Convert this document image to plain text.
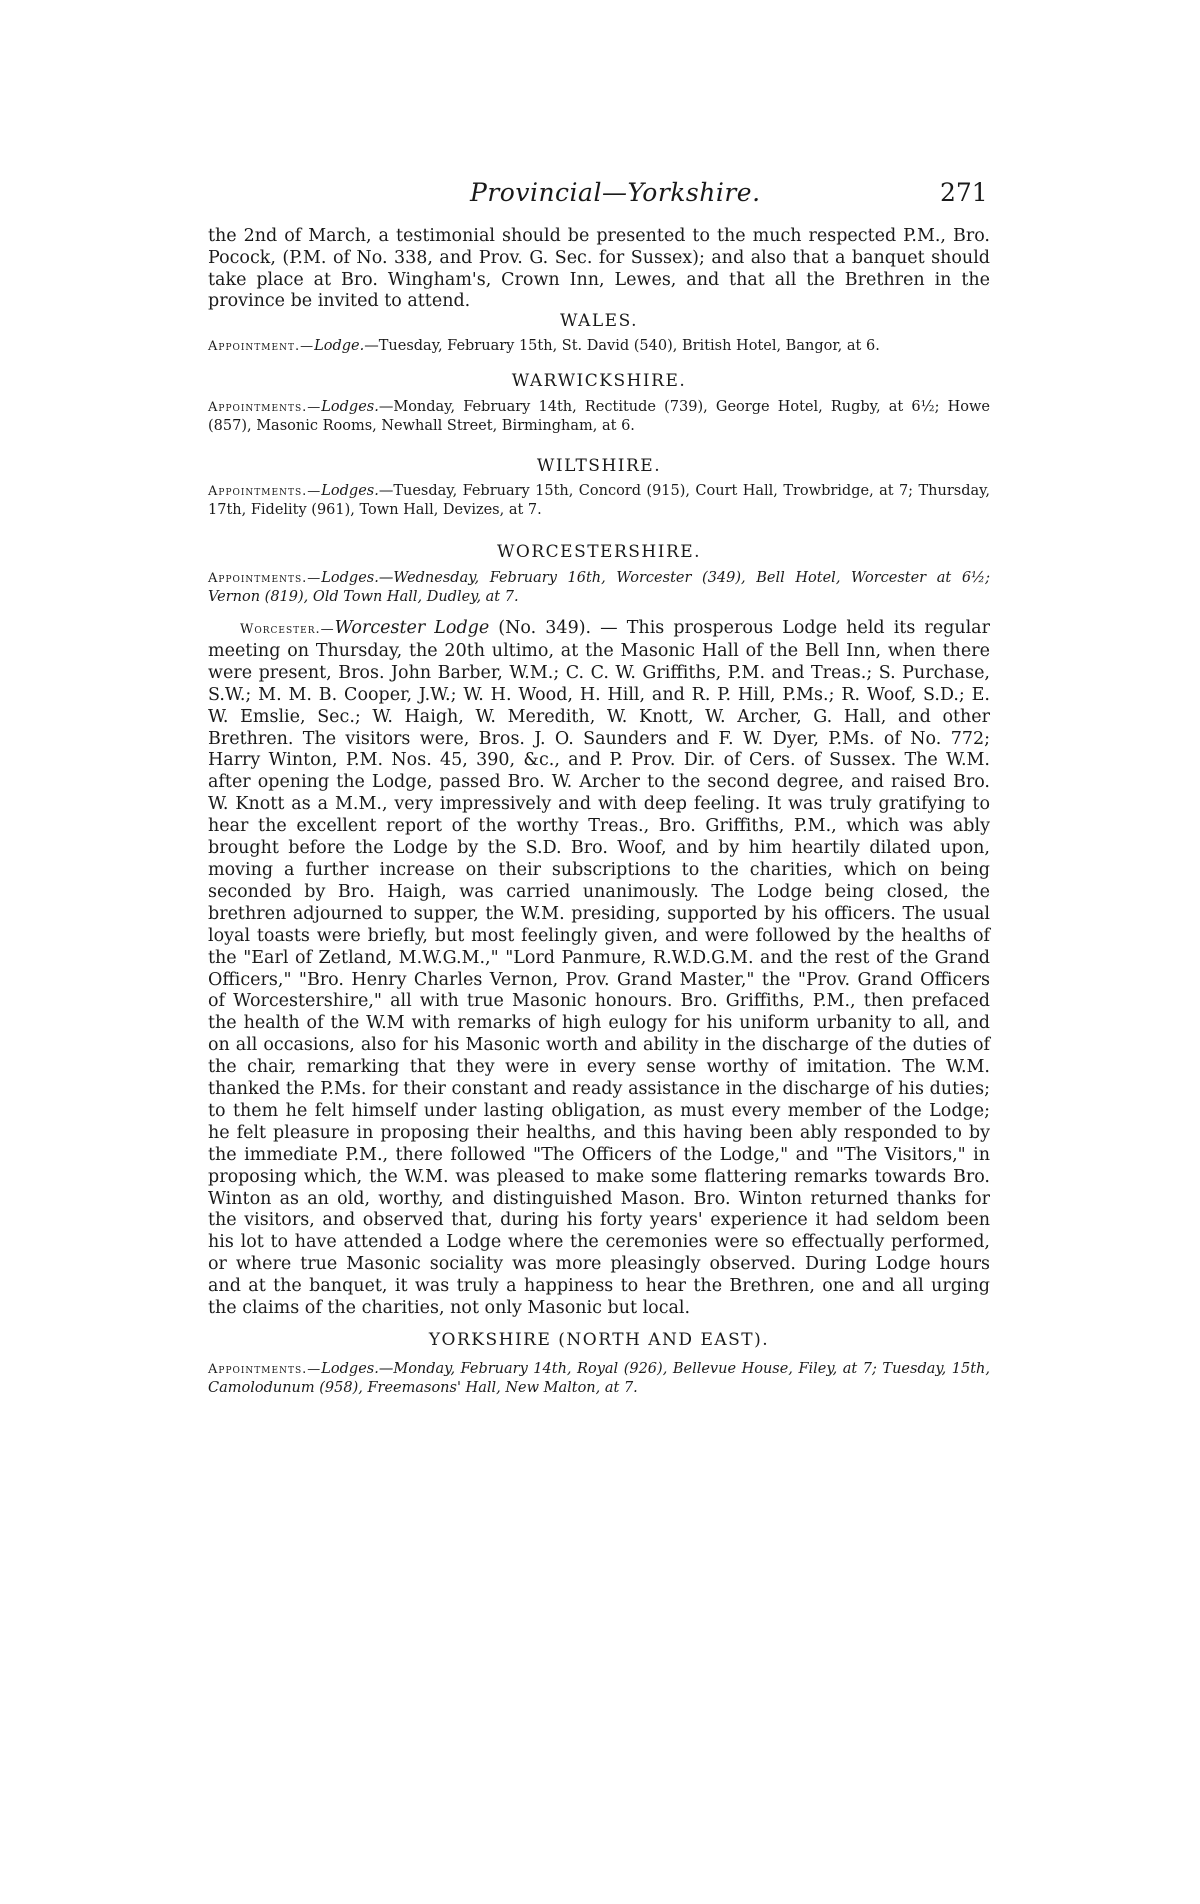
Provincial—Yorkshire.	271

the 2nd of March, a testimonial should be presented to the much respected P.M., Bro. Pocock, (P.M. of No. 338, and Prov. G. Sec. for Sussex); and also that a banquet should take place at Bro. Wingham's, Crown Inn, Lewes, and that all the Brethren in the province be invited to attend.

WALES.

Appointment.—Lodge.—Tuesday, February 15th, St. David (540), British Hotel, Bangor, at 6.

WARWICKSHIRE.

Appointments.—Lodges.—Monday, February 14th, Rectitude (739), George Hotel, Rugby, at 6½; Howe (857), Masonic Rooms, Newhall Street, Birmingham, at 6.

WILTSHIRE.

Appointments.—Lodges.—Tuesday, February 15th, Concord (915), Court Hall, Trowbridge, at 7; Thursday, 17th, Fidelity (961), Town Hall, Devizes, at 7.

WORCESTERSHIRE.

Appointments.—Lodges.—Wednesday, February 16th, Worcester (349), Bell Hotel, Worcester at 6½; Vernon (819), Old Town Hall, Dudley, at 7.

Worcester.—Worcester Lodge (No. 349). — This prosperous Lodge held its regular meeting on Thursday, the 20th ultimo, at the Masonic Hall of the Bell Inn, when there were present, Bros. John Barber, W.M.; C. C. W. Griffiths, P.M. and Treas.; S. Purchase, S.W.; M. M. B. Cooper, J.W.; W. H. Wood, H. Hill, and R. P. Hill, P.Ms.; R. Woof, S.D.; E. W. Emslie, Sec.; W. Haigh, W. Meredith, W. Knott, W. Archer, G. Hall, and other Brethren. The visitors were, Bros. J. O. Saunders and F. W. Dyer, P.Ms. of No. 772; Harry Winton, P.M. Nos. 45, 390, &c., and P. Prov. Dir. of Cers. of Sussex. The W.M. after opening the Lodge, passed Bro. W. Archer to the second degree, and raised Bro. W. Knott as a M.M., very impressively and with deep feeling. It was truly gratifying to hear the excellent report of the worthy Treas., Bro. Griffiths, P.M., which was ably brought before the Lodge by the S.D. Bro. Woof, and by him heartily dilated upon, moving a further increase on their subscriptions to the charities, which on being seconded by Bro. Haigh, was carried unanimously. The Lodge being closed, the brethren adjourned to supper, the W.M. presiding, supported by his officers. The usual loyal toasts were briefly, but most feelingly given, and were followed by the healths of the "Earl of Zetland, M.W.G.M.," "Lord Panmure, R.W.D.G.M. and the rest of the Grand Officers," "Bro. Henry Charles Vernon, Prov. Grand Master," the "Prov. Grand Officers of Worcestershire," all with true Masonic honours. Bro. Griffiths, P.M., then prefaced the health of the W.M with remarks of high eulogy for his uniform urbanity to all, and on all occasions, also for his Masonic worth and ability in the discharge of the duties of the chair, remarking that they were in every sense worthy of imitation. The W.M. thanked the P.Ms. for their constant and ready assistance in the discharge of his duties; to them he felt himself under lasting obligation, as must every member of the Lodge; he felt pleasure in proposing their healths, and this having been ably responded to by the immediate P.M., there followed "The Officers of the Lodge," and "The Visitors," in proposing which, the W.M. was pleased to make some flattering remarks towards Bro. Winton as an old, worthy, and distinguished Mason. Bro. Winton returned thanks for the visitors, and observed that, during his forty years' experience it had seldom been his lot to have attended a Lodge where the ceremonies were so effectually performed, or where true Masonic sociality was more pleasingly observed. During Lodge hours and at the banquet, it was truly a happiness to hear the Brethren, one and all urging the claims of the charities, not only Masonic but local.

YORKSHIRE (NORTH AND EAST).

Appointments.—Lodges.—Monday, February 14th, Royal (926), Bellevue House, Filey, at 7; Tuesday, 15th, Camolodunum (958), Freemasons' Hall, New Malton, at 7.
